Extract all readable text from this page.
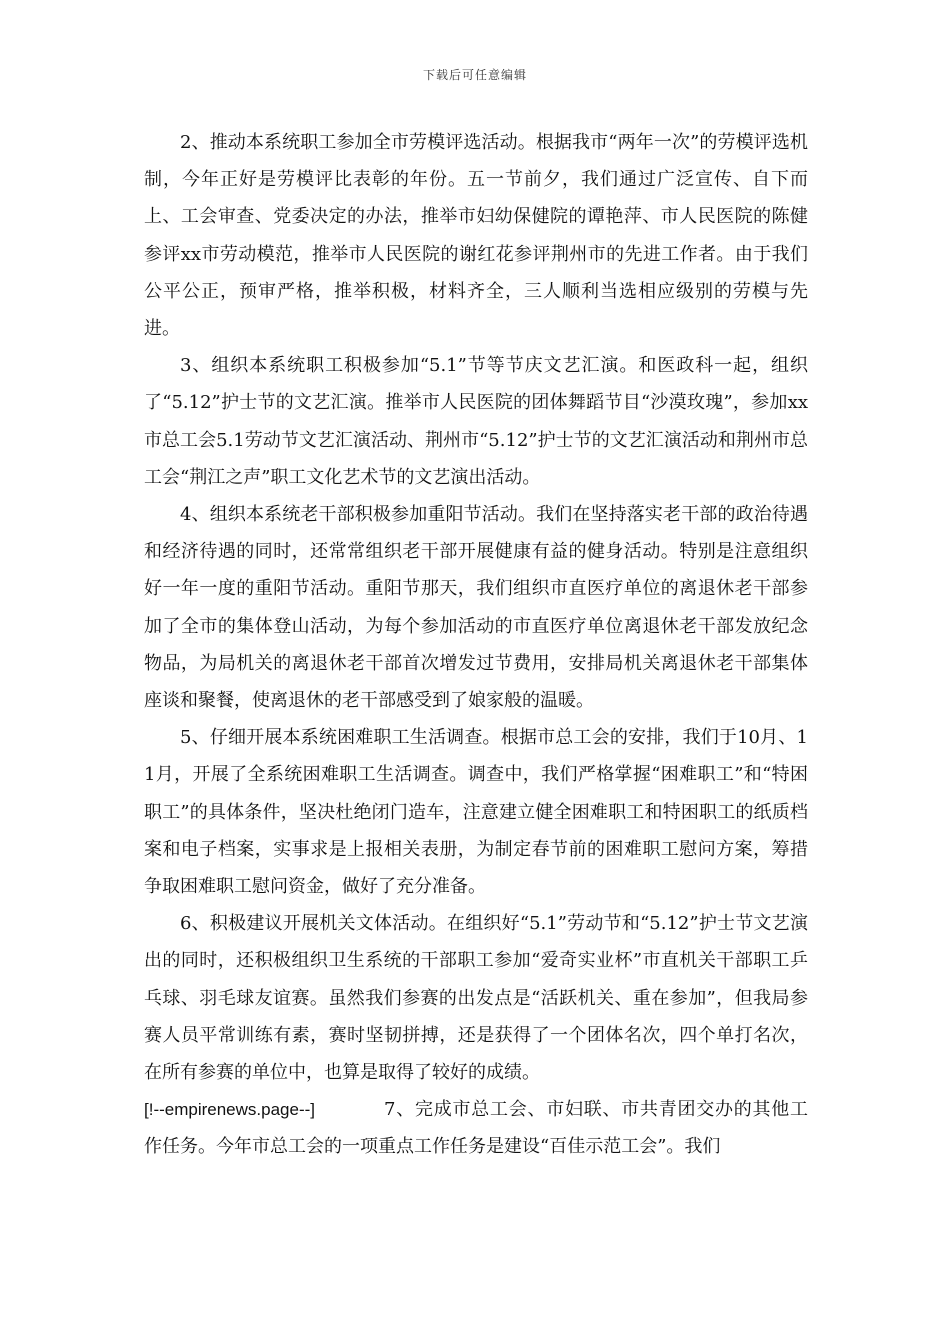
下载后可任意编辑

2、推动本系统职工参加全市劳模评选活动。根据我市“两年一次”的劳模评选机制，今年正好是劳模评比表彰的年份。五一节前夕，我们通过广泛宣传、自下而上、工会审查、党委决定的办法，推举市妇幼保健院的谭艳萍、市人民医院的陈健参评xx市劳动模范，推举市人民医院的谢红花参评荆州市的先进工作者。由于我们公平公正，预审严格，推举积极，材料齐全，三人顺利当选相应级别的劳模与先进。

3、组织本系统职工积极参加“5.1”节等节庆文艺汇演。和医政科一起，组织了“5.12”护士节的文艺汇演。推举市人民医院的团体舞蹈节目“沙漠玫瑰”，参加xx市总工会5.1劳动节文艺汇演活动、荆州市“5.12”护士节的文艺汇演活动和荆州市总工会“荆江之声”职工文化艺术节的文艺演出活动。

4、组织本系统老干部积极参加重阳节活动。我们在坚持落实老干部的政治待遇和经济待遇的同时，还常常组织老干部开展健康有益的健身活动。特别是注意组织好一年一度的重阳节活动。重阳节那天，我们组织市直医疗单位的离退休老干部参加了全市的集体登山活动，为每个参加活动的市直医疗单位离退休老干部发放纪念物品，为局机关的离退休老干部首次增发过节费用，安排局机关离退休老干部集体座谈和聚餐，使离退休的老干部感受到了娘家般的温暖。

5、仔细开展本系统困难职工生活调查。根据市总工会的安排，我们于10月、11月，开展了全系统困难职工生活调查。调查中，我们严格掌握“困难职工”和“特困职工”的具体条件，坚决杜绝闭门造车，注意建立健全困难职工和特困职工的纸质档案和电子档案，实事求是上报相关表册，为制定春节前的困难职工慰问方案，筹措争取困难职工慰问资金，做好了充分准备。

6、积极建议开展机关文体活动。在组织好“5.1”劳动节和“5.12”护士节文艺演出的同时，还积极组织卫生系统的干部职工参加“爱奇实业杯”市直机关干部职工乒乓球、羽毛球友谊赛。虽然我们参赛的出发点是“活跃机关、重在参加”，但我局参赛人员平常训练有素，赛时坚韧拼搏，还是获得了一个团体名次，四个单打名次，在所有参赛的单位中，也算是取得了较好的成绩。

[!--empirenews.page--]	7、完成市总工会、市妇联、市共青团交办的其他工作任务。今年市总工会的一项重点工作任务是建设“百佳示范工会”。我们
